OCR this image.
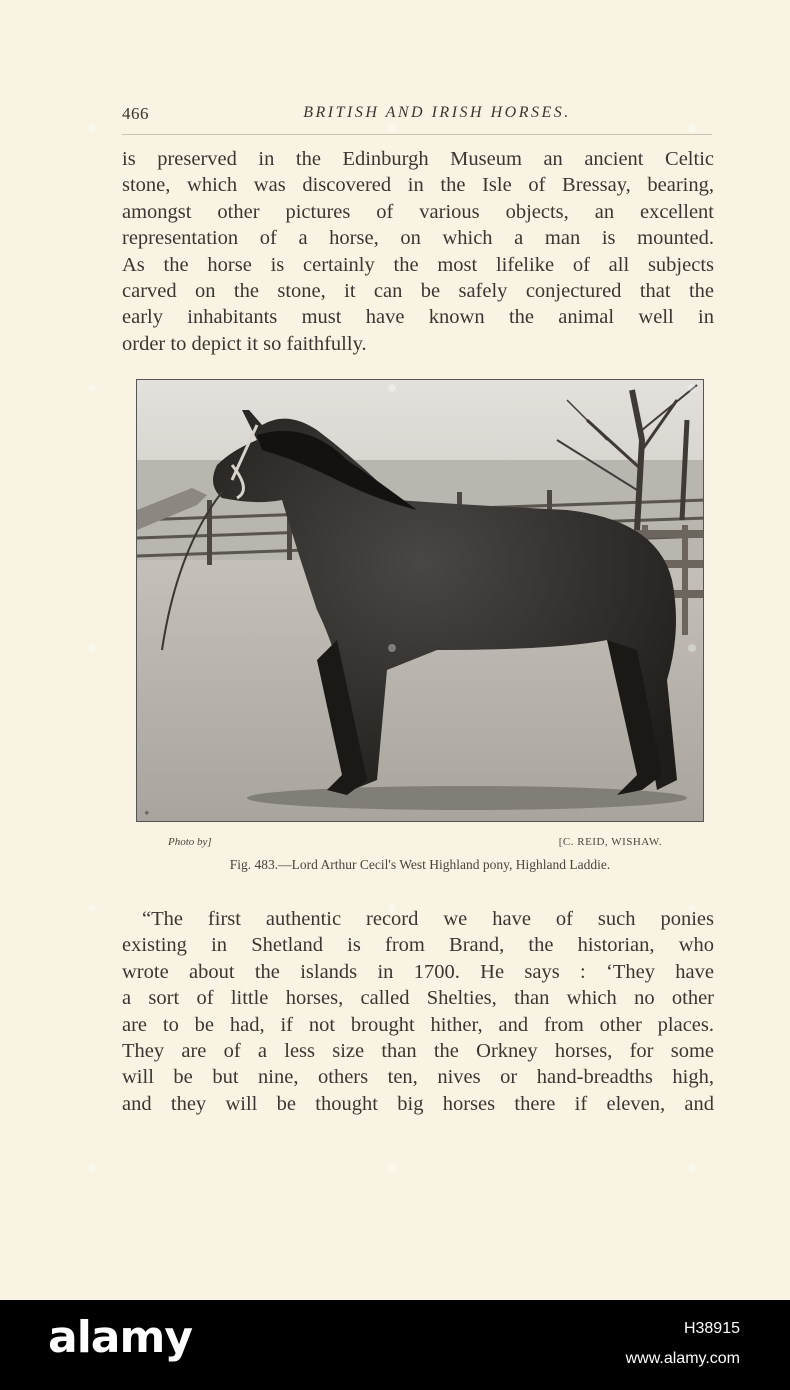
466	BRITISH AND IRISH HORSES.
is preserved in the Edinburgh Museum an ancient Celtic
stone, which was discovered in the Isle of Bressay, bearing,
amongst other pictures of various objects, an excellent
representation of a horse, on which a man is mounted.
As the horse is certainly the most lifelike of all subjects
carved on the stone, it can be safely conjectured that the
early inhabitants must have known the animal well in
order to depict it so faithfully.
✦
Photo by]	[C. REID, WISHAW.
Fig. 483.—Lord Arthur Cecil's West Highland pony, Highland Laddie.
“The first authentic record we have of such ponies
existing in Shetland is from Brand, the historian, who
wrote about the islands in 1700. He says : ‘They have
a sort of little horses, called Shelties, than which no other
are to be had, if not brought hither, and from other places.
They are of a less size than the Orkney horses, for some
will be but nine, others ten, nives or hand-breadths high,
and they will be thought big horses there if eleven, and
alamy	H38915
www.alamy.com
